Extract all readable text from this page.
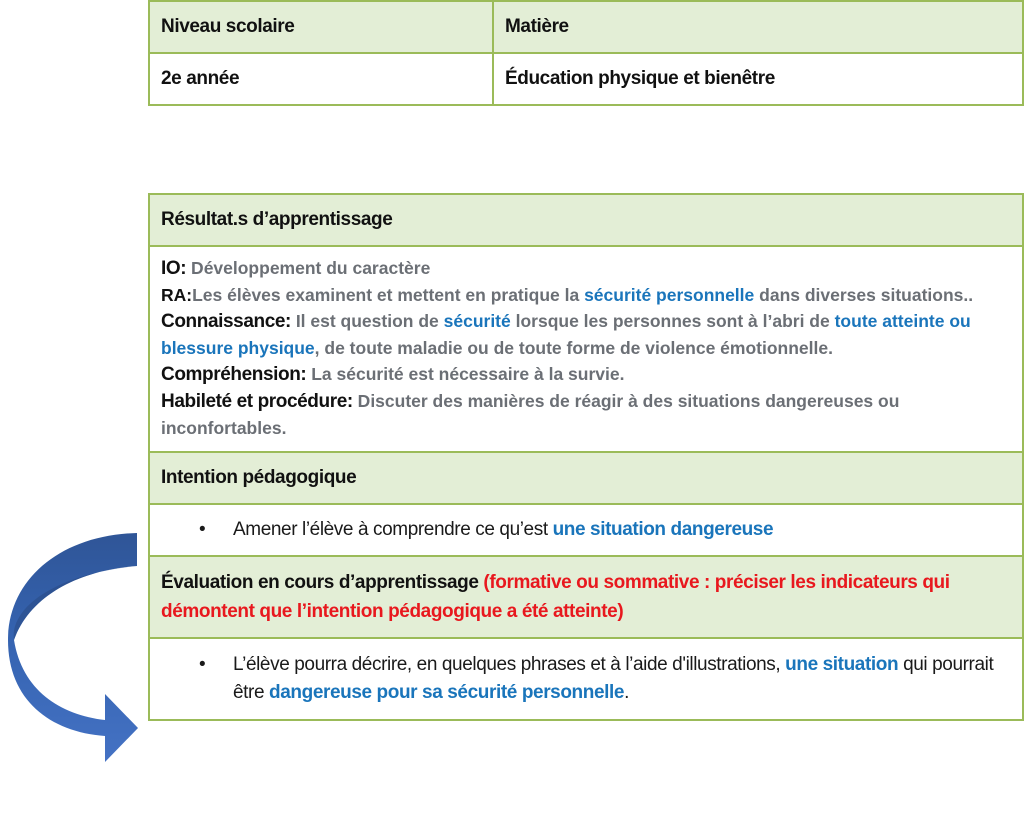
Niveau scolaire	Matière
2e année	Éducation physique et bienêtre
Résultat.s d’apprentissage

IO: Développement du caractère

RA:Les élèves examinent et mettent en pratique la sécurité personnelle dans diverses situations..

Connaissance: Il est question de sécurité lorsque les personnes sont à l’abri de toute atteinte ou blessure physique, de toute maladie ou de toute forme de violence émotionnelle.

Compréhension: La sécurité est nécessaire à la survie.

Habileté et procédure: Discuter des manières de réagir à des situations dangereuses ou inconfortables.

Intention pédagogique

•	Amener l’élève à comprendre ce qu’est une situation dangereuse

Évaluation en cours d’apprentissage (formative ou sommative : préciser les indicateurs qui démontent que l’intention pédagogique a été atteinte)

•	L’élève pourra décrire, en quelques phrases et à l’aide d'illustrations, une situation qui pourrait être dangereuse pour sa sécurité personnelle.
